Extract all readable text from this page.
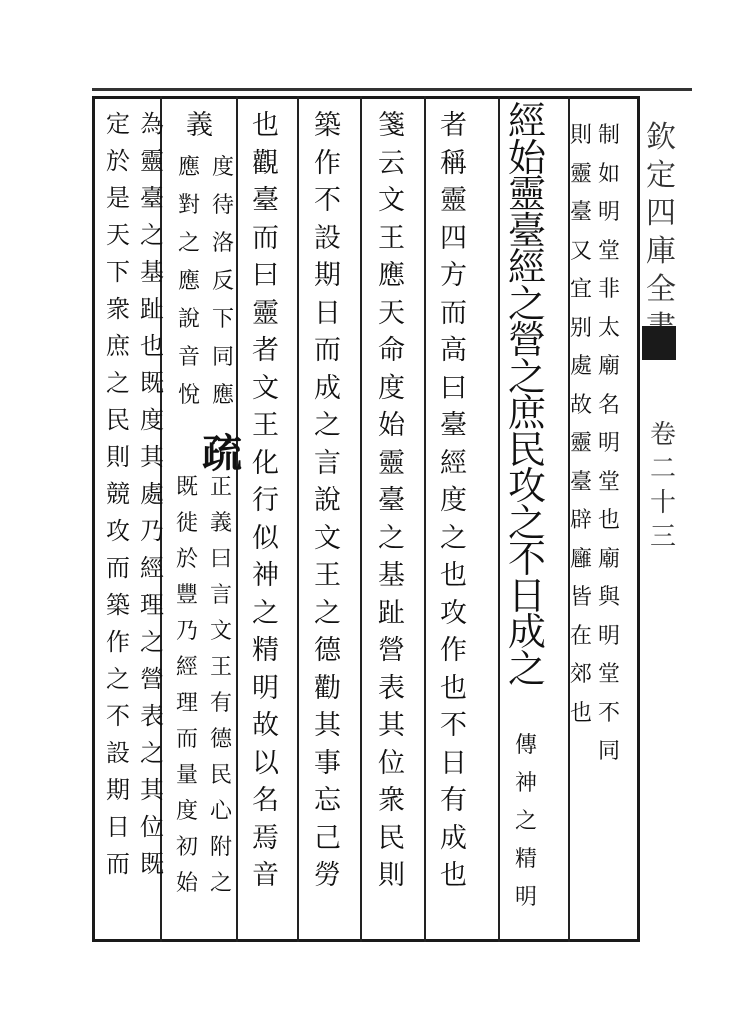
欽
定
四
庫
全
卷
二
十
三
制
如
明
堂
非
太
廟
名
明
堂
也
廟
與
明
堂
不
同
則
靈
臺
又
宜
别
處
故
靈
臺
辟
廱
皆
在
郊
也
經
始
靈
臺
經
之
營
之
庶
民
攻
之
不
日
成
之
傳
神
之
精
明
者
稱
靈
四
方
而
高
曰
臺
經
度
之
也
攻
作
也
不
日
有
成
也
箋
云
文
王
應
天
命
度
始
靈
臺
之
基
趾
營
表
其
位
衆
民
則
築
作
不
設
期
日
而
成
之
言
說
文
王
之
德
勸
其
事
忘
己
勞
也
觀
臺
而
曰
靈
者
文
王
化
行
似
神
之
精
明
故
以
名
焉
音
義
度
待
洛
反
下
同
應
應
對
之
應
說
音
悅
疏
正
義
曰
言
文
王
有
德
民
心
附
之
既
徙
於
豐
乃
經
理
而
量
度
初
始
為
靈
臺
之
基
趾
也
既
度
其
處
乃
經
理
之
營
表
之
其
位
既
定
於
是
天
下
衆
庶
之
民
則
競
攻
而
築
作
之
不
設
期
日
而
